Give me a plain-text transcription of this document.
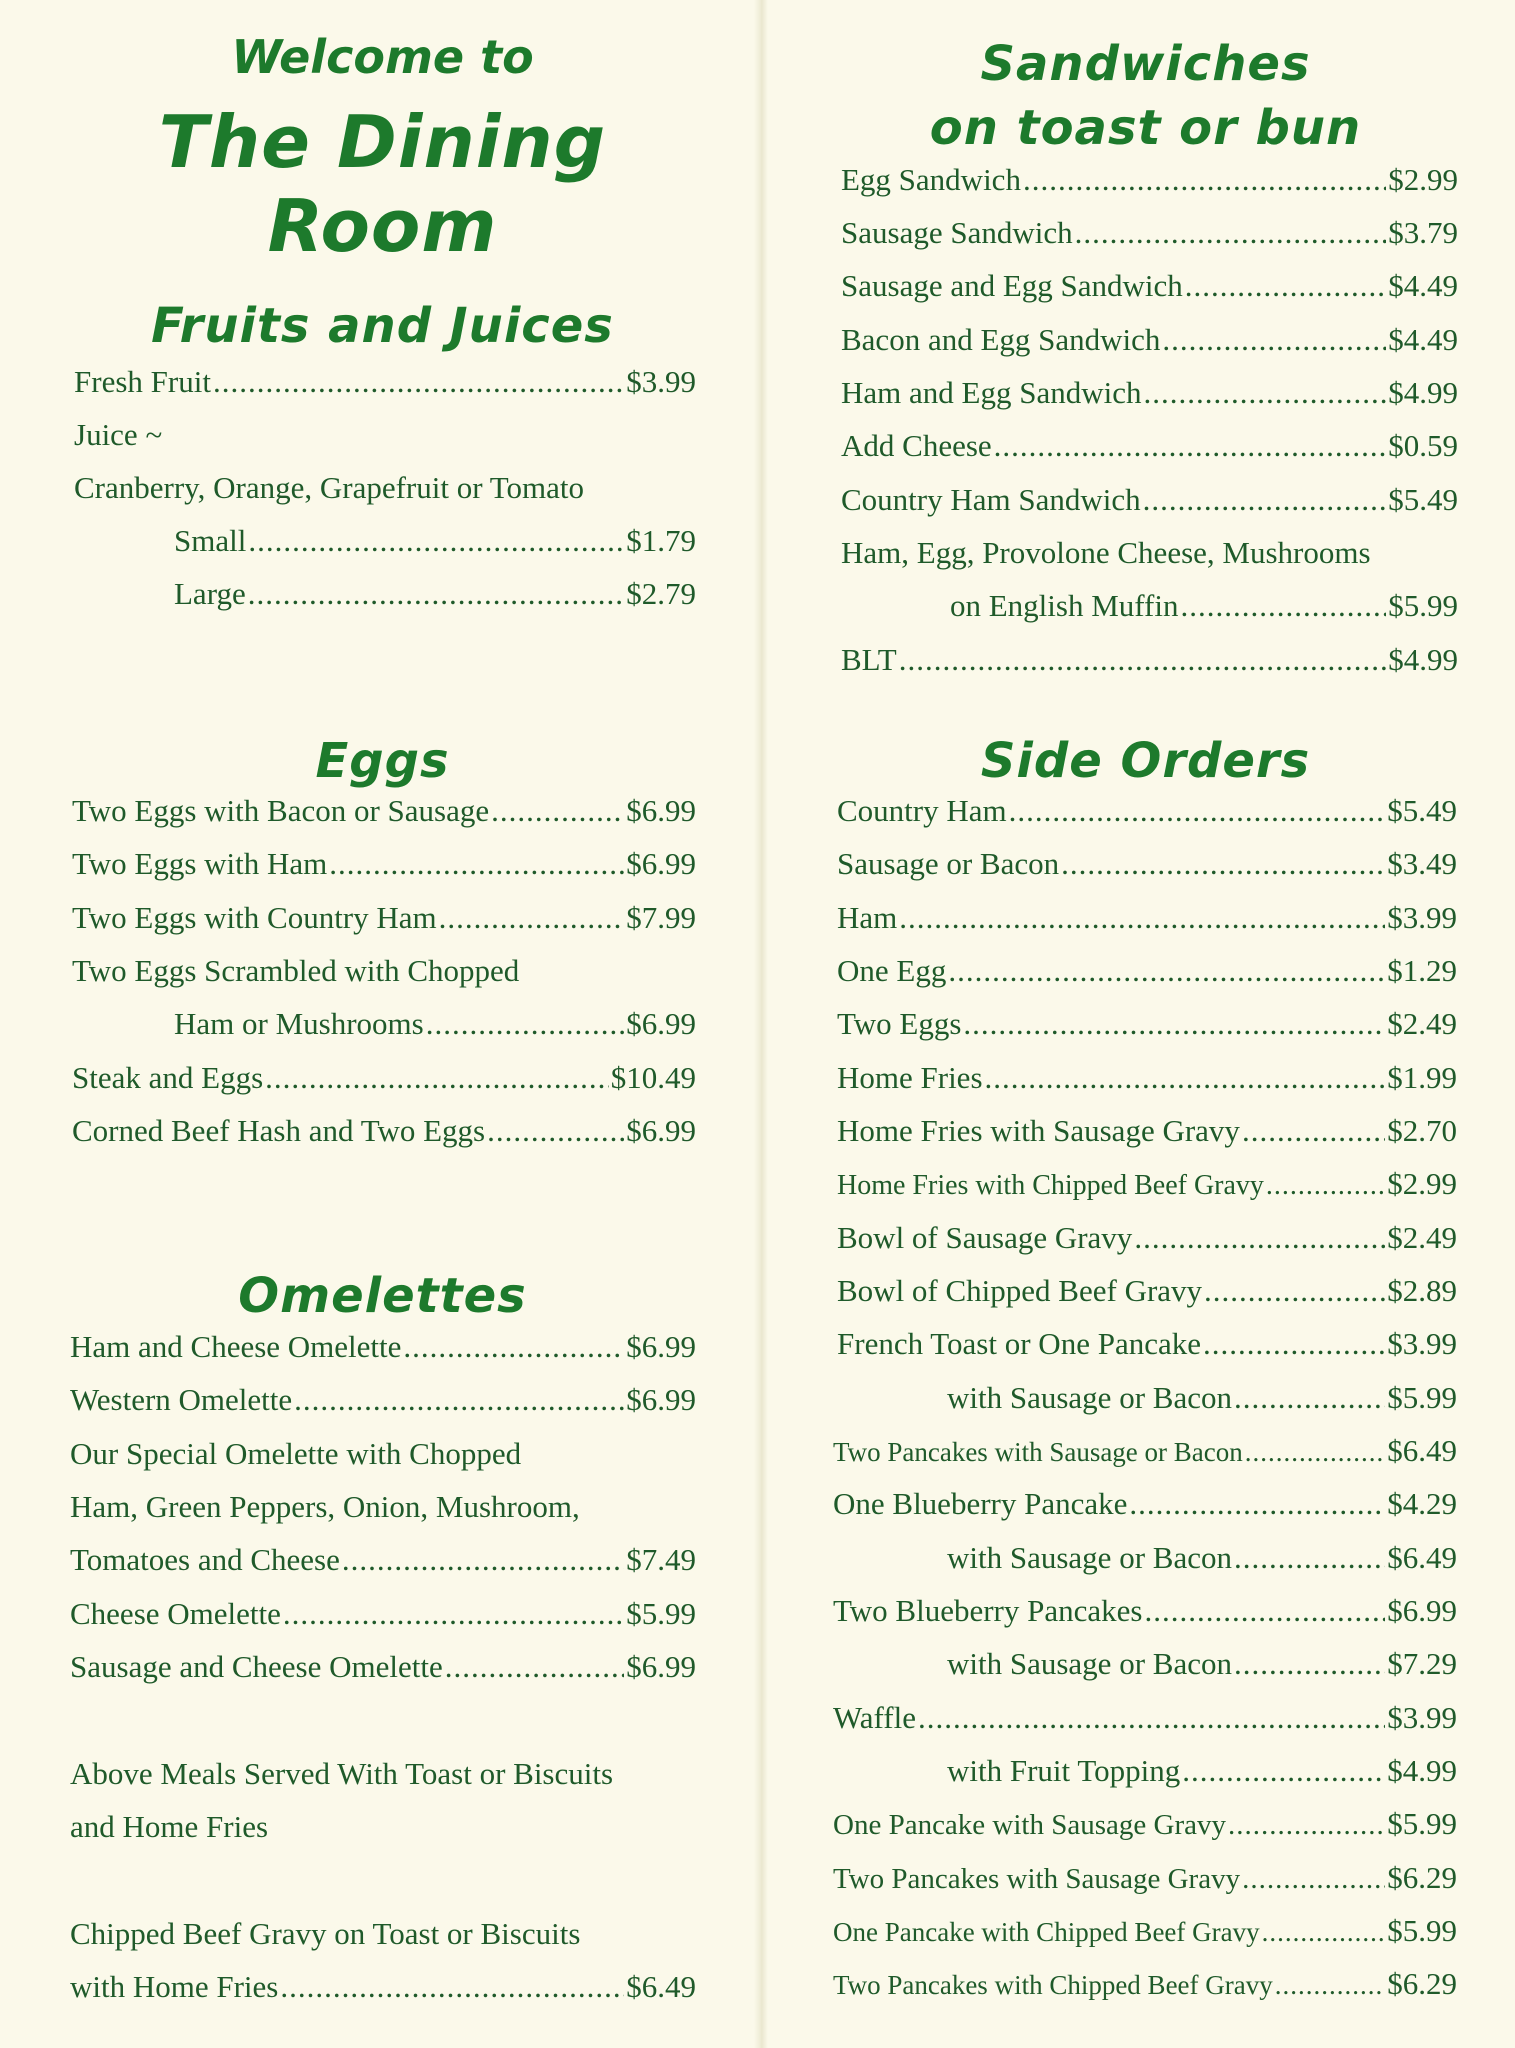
Welcome to
The Dining Room
Fruits and Juices
Fresh Fruit .....	$3.99
Juice ~
Cranberry, Orange, Grapefruit or Tomato
Small .....	$1.79
Large .....	$2.79
Eggs
Two Eggs with Bacon or Sausage .....	$6.99
Two Eggs with Ham .....	$6.99
Two Eggs with Country Ham .....	$7.99
Two Eggs Scrambled with Chopped
Ham or Mushrooms .....	$6.99
Steak and Eggs .....	$10.49
Corned Beef Hash and Two Eggs .....	$6.99
Omelettes
Ham and Cheese Omelette .....	$6.99
Western Omelette .....	$6.99
Our Special Omelette with Chopped
Ham, Green Peppers, Onion, Mushroom,
Tomatoes and Cheese .....	$7.49
Cheese Omelette .....	$5.99
Sausage and Cheese Omelette .....	$6.99
Above Meals Served With Toast or Biscuits
and Home Fries
Chipped Beef Gravy on Toast or Biscuits
with Home Fries .....	$6.49
Sandwiches
on toast or bun
Egg Sandwich .....	$2.99
Sausage Sandwich .....	$3.79
Sausage and Egg Sandwich .....	$4.49
Bacon and Egg Sandwich .....	$4.49
Ham and Egg Sandwich .....	$4.99
Add Cheese .....	$0.59
Country Ham Sandwich .....	$5.49
Ham, Egg, Provolone Cheese, Mushrooms
on English Muffin .....	$5.99
BLT .....	$4.99
Side Orders
Country Ham .....	$5.49
Sausage or Bacon .....	$3.49
Ham .....	$3.99
One Egg .....	$1.29
Two Eggs .....	$2.49
Home Fries .....	$1.99
Home Fries with Sausage Gravy .....	$2.70
Home Fries with Chipped Beef Gravy .....	$2.99
Bowl of Sausage Gravy .....	$2.49
Bowl of Chipped Beef Gravy .....	$2.89
French Toast or One Pancake .....	$3.99
with Sausage or Bacon .....	$5.99
Two Pancakes with Sausage or Bacon .....	$6.49
One Blueberry Pancake .....	$4.29
with Sausage or Bacon .....	$6.49
Two Blueberry Pancakes .....	$6.99
with Sausage or Bacon .....	$7.29
Waffle .....	$3.99
with Fruit Topping .....	$4.99
One Pancake with Sausage Gravy .....	$5.99
Two Pancakes with Sausage Gravy .....	$6.29
One Pancake with Chipped Beef Gravy .....	$5.99
Two Pancakes with Chipped Beef Gravy .....	$6.29
